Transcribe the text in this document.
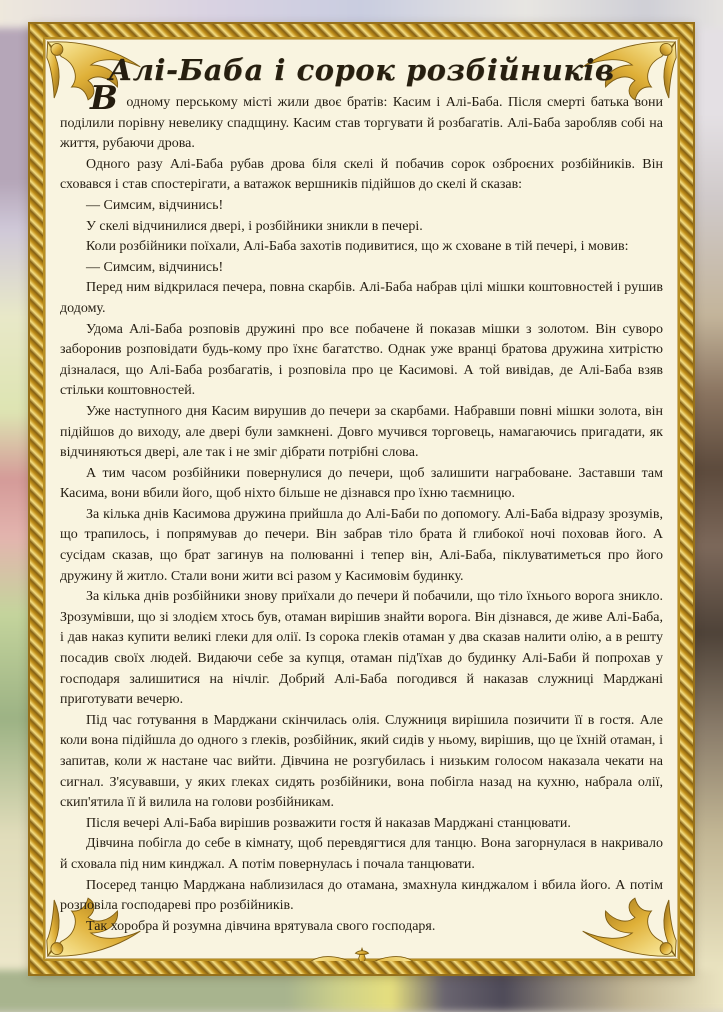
Алі-Баба і сорок розбійників

В одному перському місті жили двоє братів: Касим і Алі-Баба. Після смерті батька вони поділили порівну невелику спадщину. Касим став торгувати й розбагатів. Алі-Баба заробляв собі на життя, рубаючи дрова.

Одного разу Алі-Баба рубав дрова біля скелі й побачив сорок озброєних розбійників. Він сховався і став спостерігати, а ватажок вершників підійшов до скелі й сказав:

— Симсим, відчинись!

У скелі відчинилися двері, і розбійники зникли в печері.

Коли розбійники поїхали, Алі-Баба захотів подивитися, що ж сховане в тій печері, і мовив:

— Симсим, відчинись!

Перед ним відкрилася печера, повна скарбів. Алі-Баба набрав цілі мішки коштовностей і рушив додому.

Удома Алі-Баба розповів дружині про все побачене й показав мішки з золотом. Він суворо заборонив розповідати будь-кому про їхнє багатство. Однак уже вранці братова дружина хитрістю дізналася, що Алі-Баба розбагатів, і розповіла про це Касимові. А той вивідав, де Алі-Баба взяв стільки коштовностей.

Уже наступного дня Касим вирушив до печери за скарбами. Набравши повні мішки золота, він підійшов до виходу, але двері були замкнені. Довго мучився торговець, намагаючись пригадати, як відчиняються двері, але так і не зміг дібрати потрібні слова.

А тим часом розбійники повернулися до печери, щоб залишити награбоване. Заставши там Касима, вони вбили його, щоб ніхто більше не дізнався про їхню таємницю.

За кілька днів Касимова дружина прийшла до Алі-Баби по допомогу. Алі-Баба відразу зрозумів, що трапилось, і попрямував до печери. Він забрав тіло брата й глибокої ночі поховав його. А сусідам сказав, що брат загинув на полюванні і тепер він, Алі-Баба, піклуватиметься про його дружину й житло. Стали вони жити всі разом у Касимовім будинку.

За кілька днів розбійники знову приїхали до печери й побачили, що тіло їхнього ворога зникло. Зрозумівши, що зі злодієм хтось був, отаман вирішив знайти ворога. Він дізнався, де живе Алі-Баба, і дав наказ купити великі глеки для олії. Із сорока глеків отаман у два сказав налити олію, а в решту посадив своїх людей. Видаючи себе за купця, отаман під'їхав до будинку Алі-Баби й попрохав у господаря залишитися на нічліг. Добрий Алі-Баба погодився й наказав служниці Марджані приготувати вечерю.

Під час готування в Марджани скінчилась олія. Служниця вирішила позичити її в гостя. Але коли вона підійшла до одного з глеків, розбійник, який сидів у ньому, вирішив, що це їхній отаман, і запитав, коли ж настане час вийти. Дівчина не розгубилась і низьким голосом наказала чекати на сигнал. З'ясувавши, у яких глеках сидять розбійники, вона побігла назад на кухню, набрала олії, скип'ятила її й вилила на голови розбійникам.

Після вечері Алі-Баба вирішив розважити гостя й наказав Марджані станцювати.

Дівчина побігла до себе в кімнату, щоб перевдягтися для танцю. Вона загорнулася в накривало й сховала під ним кинджал. А потім повернулась і почала танцювати.

Посеред танцю Марджана наблизилася до отамана, змахнула кинджалом і вбила його. А потім розповіла господареві про розбійників.

Так хоробра й розумна дівчина врятувала свого господаря.
